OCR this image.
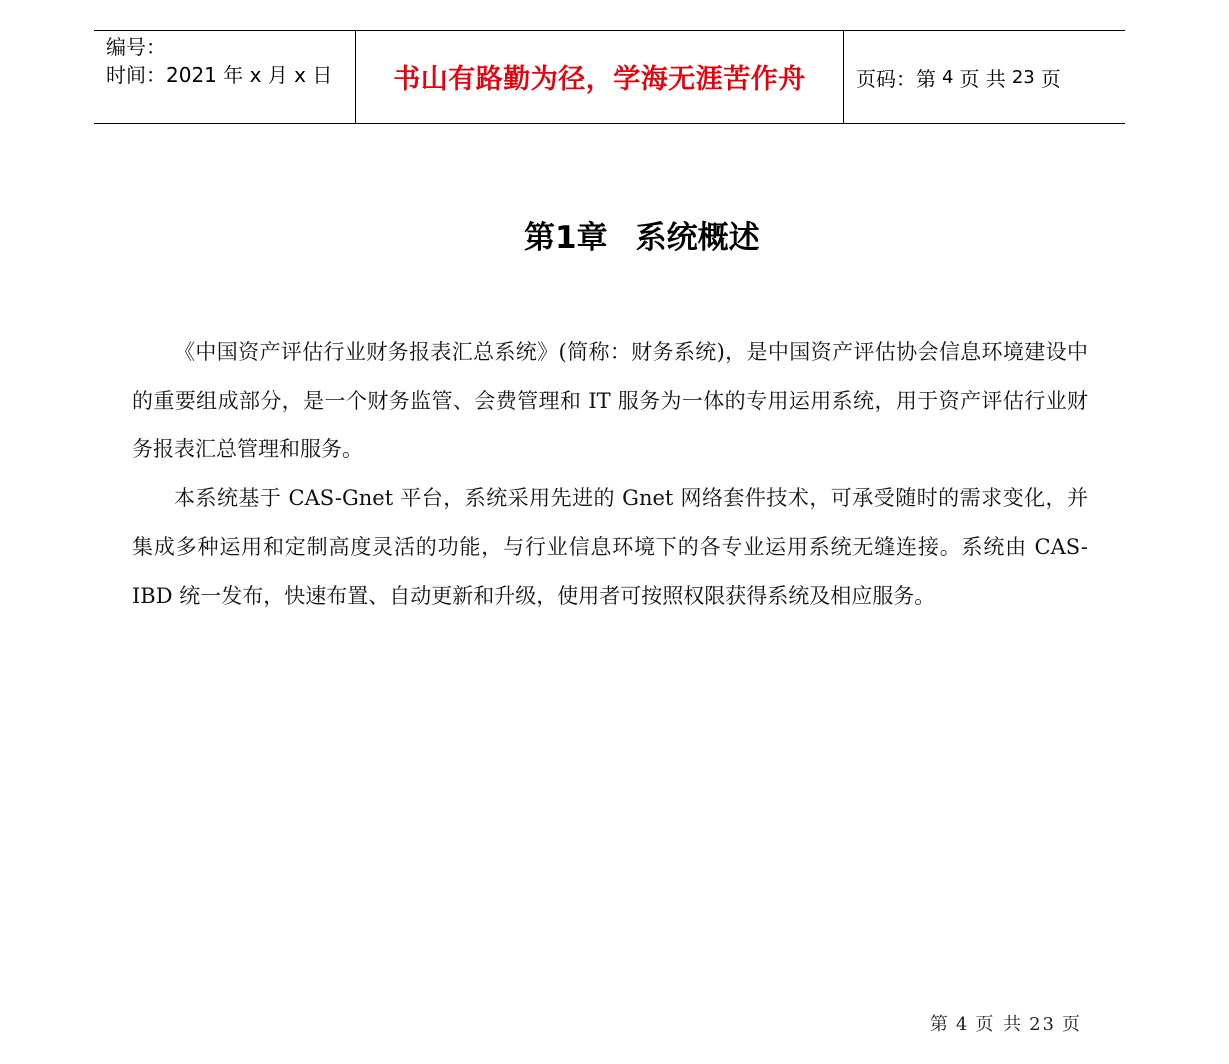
编号：
时间：2021 年 x 月 x 日 书山有路勤为径，学海无涯苦作舟	页码：第 4 页 共 23 页
第1章 系统概述

《中国资产评估行业财务报表汇总系统》(简称：财务系统)，是中国资产评估协会信息环境建设中的重要组成部分，是一个财务监管、会费管理和 IT 服务为一体的专用运用系统，用于资产评估行业财务报表汇总管理和服务。

本系统基于 CAS-Gnet 平台，系统采用先进的 Gnet 网络套件技术，可承受随时的需求变化，并集成多种运用和定制高度灵活的功能，与行业信息环境下的各专业运用系统无缝连接。系统由 CAS-IBD 统一发布，快速布置、自动更新和升级，使用者可按照权限获得系统及相应服务。

第 4 页 共 23 页
